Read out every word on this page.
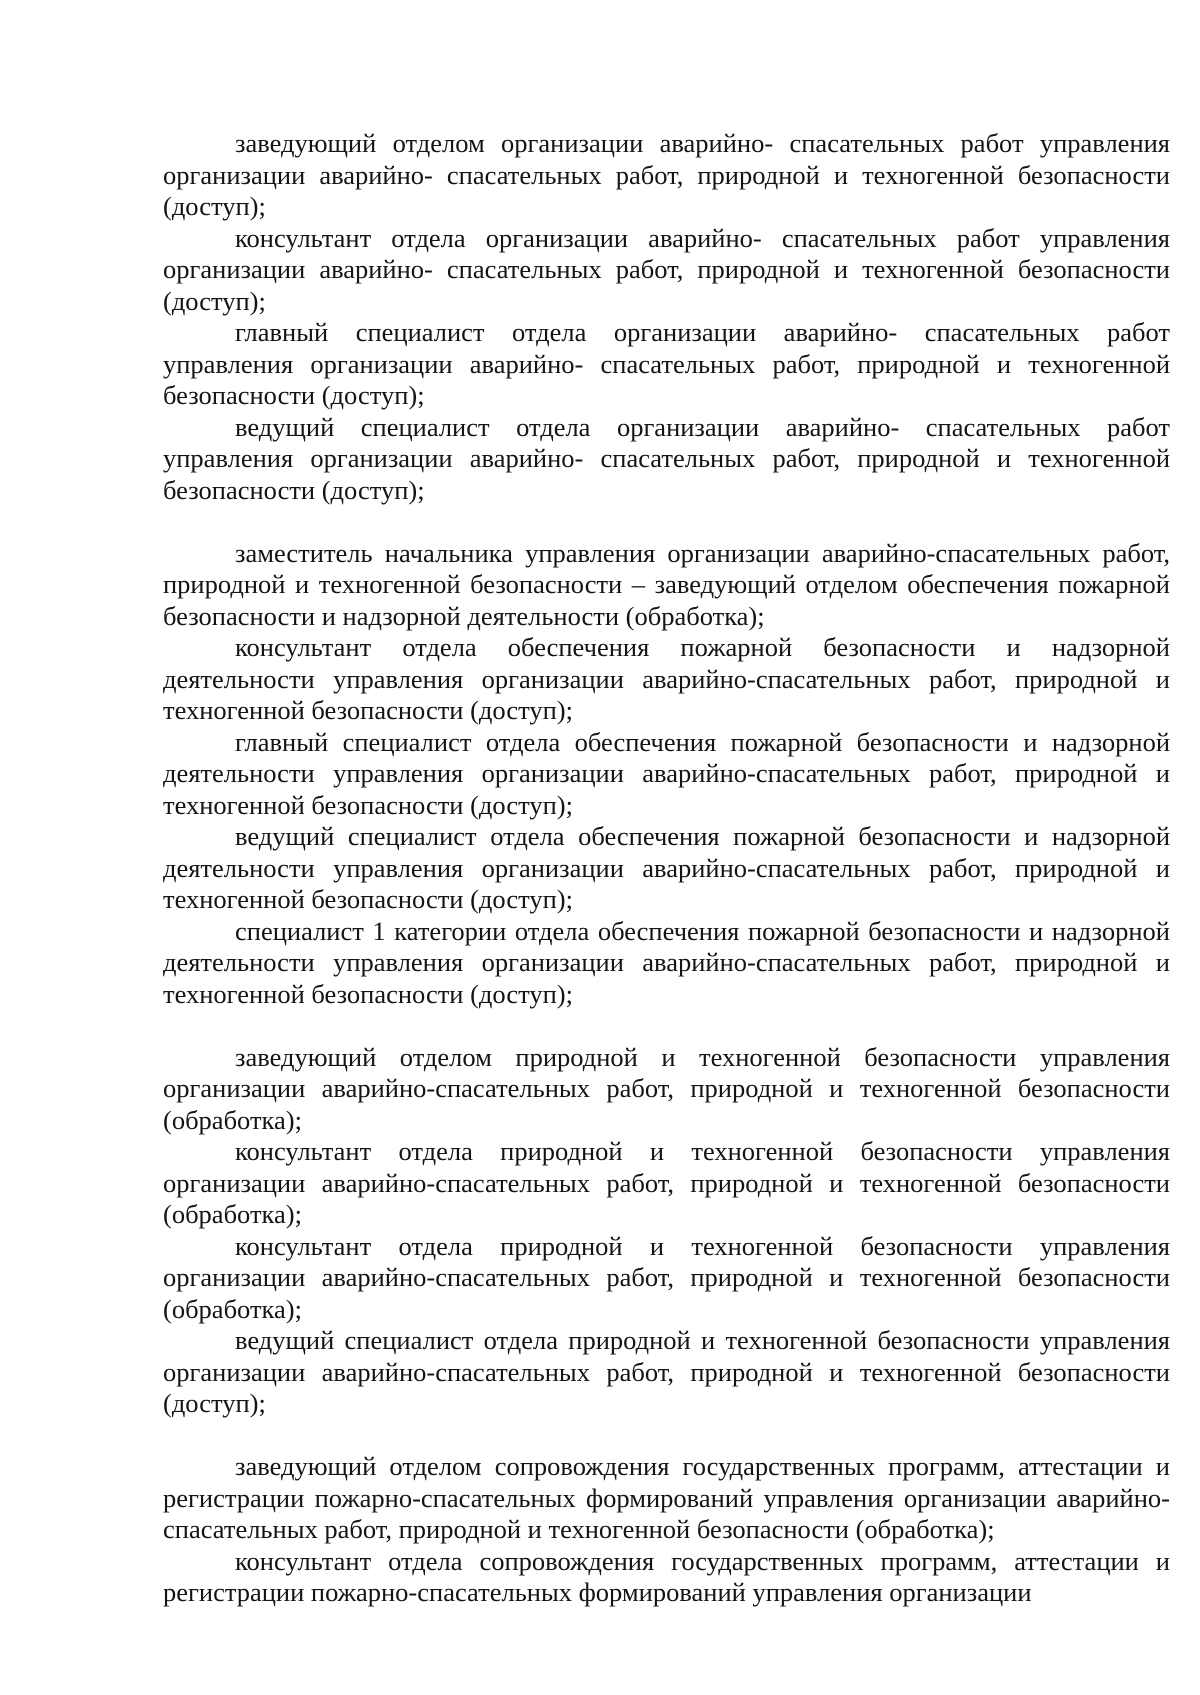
заведующий отделом организации аварийно- спасательных работ управления организации аварийно- спасательных работ, природной и техногенной безопасности (доступ);

консультант отдела организации аварийно- спасательных работ управления организации аварийно- спасательных работ, природной и техногенной безопасности (доступ);

главный специалист отдела организации аварийно- спасательных работ управления организации аварийно- спасательных работ, природной и техногенной безопасности (доступ);

ведущий специалист отдела организации аварийно- спасательных работ управления организации аварийно- спасательных работ, природной и техногенной безопасности (доступ);

заместитель начальника управления организации аварийно-спасательных работ, природной и техногенной безопасности – заведующий отделом обеспечения пожарной безопасности и надзорной деятельности (обработка);

консультант отдела обеспечения пожарной безопасности и надзорной деятельности управления организации аварийно-спасательных работ, природной и техногенной безопасности (доступ);

главный специалист отдела обеспечения пожарной безопасности и надзорной деятельности управления организации аварийно-спасательных работ, природной и техногенной безопасности (доступ);

ведущий специалист отдела обеспечения пожарной безопасности и надзорной деятельности управления организации аварийно-спасательных работ, природной и техногенной безопасности (доступ);

специалист 1 категории отдела обеспечения пожарной безопасности и надзорной деятельности управления организации аварийно-спасательных работ, природной и техногенной безопасности (доступ);

заведующий отделом природной и техногенной безопасности управления организации аварийно-спасательных работ, природной и техногенной безопасности (обработка);

консультант отдела природной и техногенной безопасности управления организации аварийно-спасательных работ, природной и техногенной безопасности (обработка);

консультант отдела природной и техногенной безопасности управления организации аварийно-спасательных работ, природной и техногенной безопасности (обработка);

ведущий специалист отдела природной и техногенной безопасности управления организации аварийно-спасательных работ, природной и техногенной безопасности (доступ);

заведующий отделом сопровождения государственных программ, аттестации и регистрации пожарно-спасательных формирований управления организации аварийно-спасательных работ, природной и техногенной безопасности (обработка);

консультант отдела сопровождения государственных программ, аттестации и регистрации пожарно-спасательных формирований управления организации
